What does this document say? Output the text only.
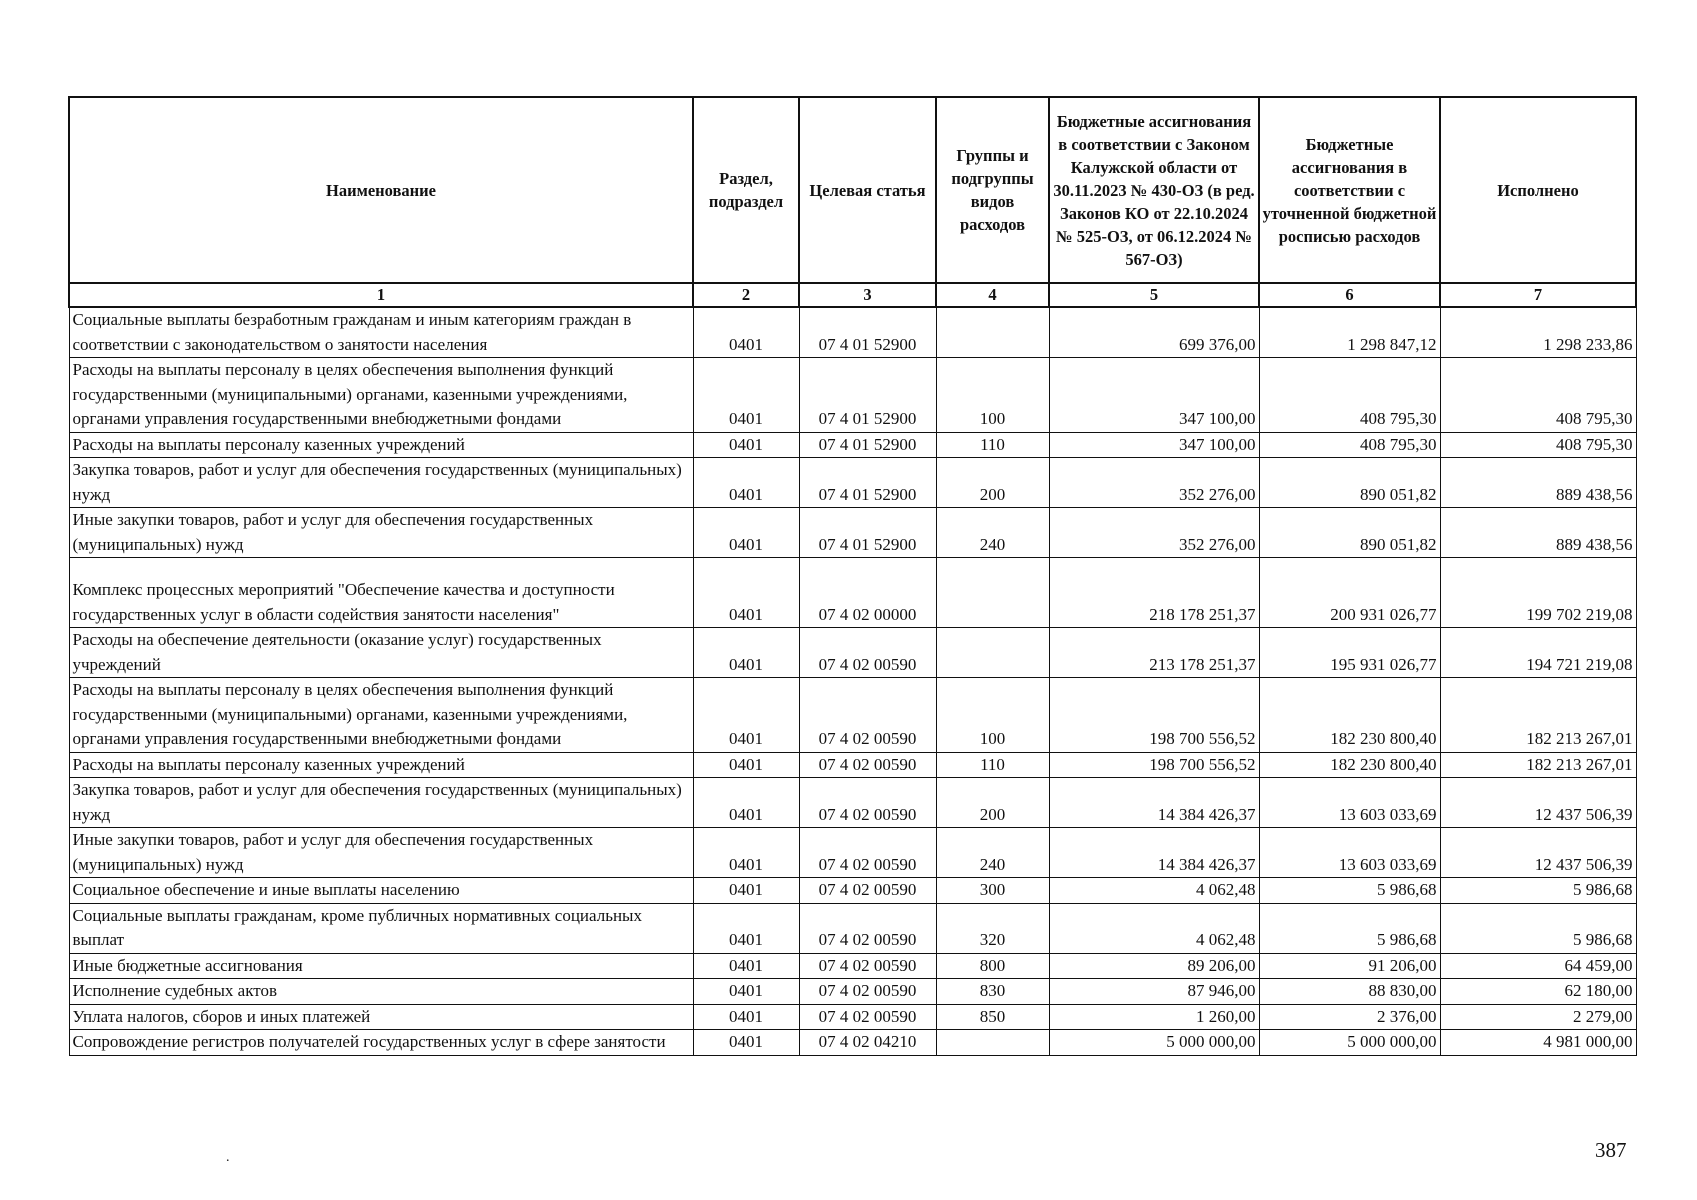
Наименование	Раздел, подраздел	Целевая статья	Группы и подгруппы видов расходов	Бюджетные ассигнования в соответствии с Законом Калужской области от 30.11.2023 № 430-ОЗ (в ред. Законов КО от 22.10.2024 № 525-ОЗ, от 06.12.2024 № 567-ОЗ)	Бюджетные ассигнования в соответствии с уточненной бюджетной росписью расходов	Исполнено
1	2	3	4	5	6	7
Социальные выплаты безработным гражданам и иным категориям граждан в соответствии с законодательством о занятости населения	0401	07 4 01 52900		699 376,00	1 298 847,12	1 298 233,86
Расходы на выплаты персоналу в целях обеспечения выполнения функций государственными (муниципальными) органами, казенными учреждениями, органами управления государственными внебюджетными фондами	0401	07 4 01 52900	100	347 100,00	408 795,30	408 795,30
Расходы на выплаты персоналу казенных учреждений	0401	07 4 01 52900	110	347 100,00	408 795,30	408 795,30
Закупка товаров, работ и услуг для обеспечения государственных (муниципальных) нужд	0401	07 4 01 52900	200	352 276,00	890 051,82	889 438,56
Иные закупки товаров, работ и услуг для обеспечения государственных (муниципальных) нужд	0401	07 4 01 52900	240	352 276,00	890 051,82	889 438,56
Комплекс процессных мероприятий "Обеспечение качества и доступности государственных услуг в области содействия занятости населения"	0401	07 4 02 00000		218 178 251,37	200 931 026,77	199 702 219,08
Расходы на обеспечение деятельности (оказание услуг) государственных учреждений	0401	07 4 02 00590		213 178 251,37	195 931 026,77	194 721 219,08
Расходы на выплаты персоналу в целях обеспечения выполнения функций государственными (муниципальными) органами, казенными учреждениями, органами управления государственными внебюджетными фондами	0401	07 4 02 00590	100	198 700 556,52	182 230 800,40	182 213 267,01
Расходы на выплаты персоналу казенных учреждений	0401	07 4 02 00590	110	198 700 556,52	182 230 800,40	182 213 267,01
Закупка товаров, работ и услуг для обеспечения государственных (муниципальных) нужд	0401	07 4 02 00590	200	14 384 426,37	13 603 033,69	12 437 506,39
Иные закупки товаров, работ и услуг для обеспечения государственных (муниципальных) нужд	0401	07 4 02 00590	240	14 384 426,37	13 603 033,69	12 437 506,39
Социальное обеспечение и иные выплаты населению	0401	07 4 02 00590	300	4 062,48	5 986,68	5 986,68
Социальные выплаты гражданам, кроме публичных нормативных социальных выплат	0401	07 4 02 00590	320	4 062,48	5 986,68	5 986,68
Иные бюджетные ассигнования	0401	07 4 02 00590	800	89 206,00	91 206,00	64 459,00
Исполнение судебных актов	0401	07 4 02 00590	830	87 946,00	88 830,00	62 180,00
Уплата налогов, сборов и иных платежей	0401	07 4 02 00590	850	1 260,00	2 376,00	2 279,00
Сопровождение регистров получателей государственных услуг в сфере занятости	0401	07 4 02 04210		5 000 000,00	5 000 000,00	4 981 000,00
.	387
